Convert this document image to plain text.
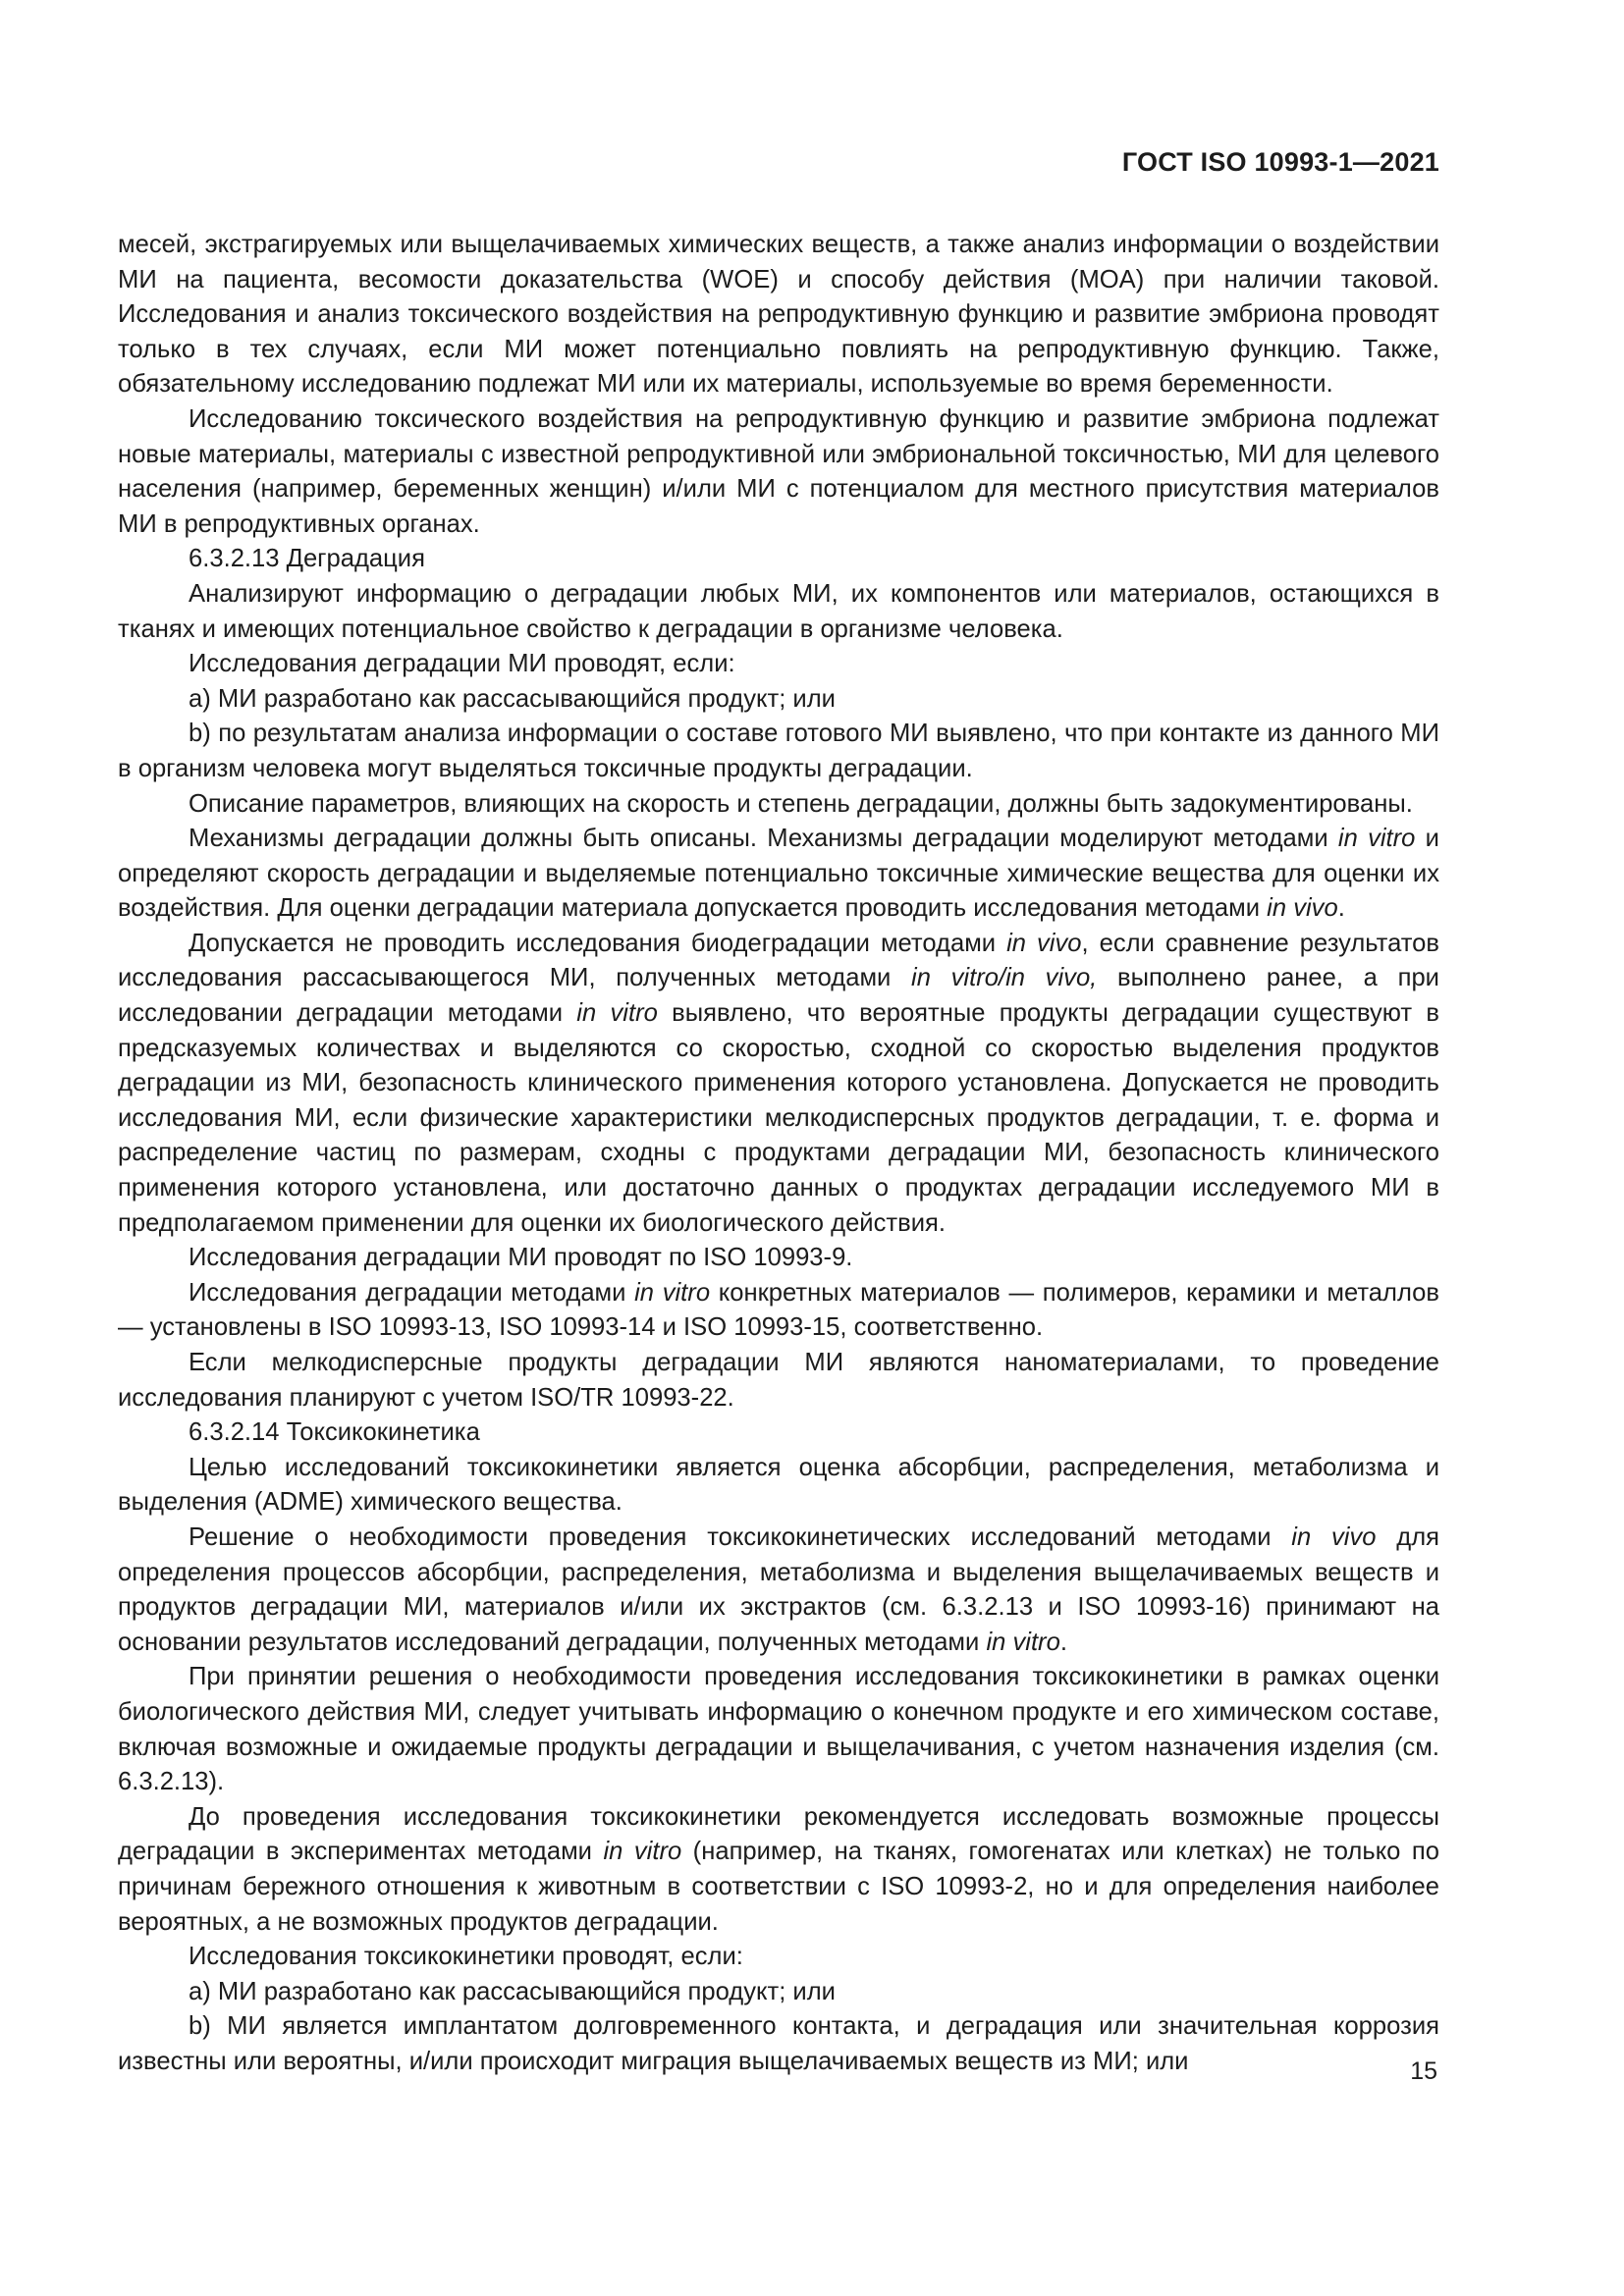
ГОСТ ISO 10993-1—2021

месей, экстрагируемых или выщелачиваемых химических веществ, а также анализ информации о воздействии МИ на пациента, весомости доказательства (WOE) и способу действия (MOA) при наличии таковой. Исследования и анализ токсического воздействия на репродуктивную функцию и развитие эмбриона проводят только в тех случаях, если МИ может потенциально повлиять на репродуктивную функцию. Также, обязательному исследованию подлежат МИ или их материалы, используемые во время беременности.

Исследованию токсического воздействия на репродуктивную функцию и развитие эмбриона подлежат новые материалы, материалы с известной репродуктивной или эмбриональной токсичностью, МИ для целевого населения (например, беременных женщин) и/или МИ с потенциалом для местного присутствия материалов МИ в репродуктивных органах.

6.3.2.13 Деградация

Анализируют информацию о деградации любых МИ, их компонентов или материалов, остающихся в тканях и имеющих потенциальное свойство к деградации в организме человека.

Исследования деградации МИ проводят, если:

a) МИ разработано как рассасывающийся продукт; или

b) по результатам анализа информации о составе готового МИ выявлено, что при контакте из данного МИ в организм человека могут выделяться токсичные продукты деградации.

Описание параметров, влияющих на скорость и степень деградации, должны быть задокументированы.

Механизмы деградации должны быть описаны. Механизмы деградации моделируют методами in vitro и определяют скорость деградации и выделяемые потенциально токсичные химические вещества для оценки их воздействия. Для оценки деградации материала допускается проводить исследования методами in vivo.

Допускается не проводить исследования биодеградации методами in vivo, если сравнение результатов исследования рассасывающегося МИ, полученных методами in vitro/in vivo, выполнено ранее, а при исследовании деградации методами in vitro выявлено, что вероятные продукты деградации существуют в предсказуемых количествах и выделяются со скоростью, сходной со скоростью выделения продуктов деградации из МИ, безопасность клинического применения которого установлена. Допускается не проводить исследования МИ, если физические характеристики мелкодисперсных продуктов деградации, т. е. форма и распределение частиц по размерам, сходны с продуктами деградации МИ, безопасность клинического применения которого установлена, или достаточно данных о продуктах деградации исследуемого МИ в предполагаемом применении для оценки их биологического действия.

Исследования деградации МИ проводят по ISO 10993-9.

Исследования деградации методами in vitro конкретных материалов — полимеров, керамики и металлов — установлены в ISO 10993-13, ISO 10993-14 и ISO 10993-15, соответственно.

Если мелкодисперсные продукты деградации МИ являются наноматериалами, то проведение исследования планируют с учетом ISO/TR 10993-22.

6.3.2.14 Токсикокинетика

Целью исследований токсикокинетики является оценка абсорбции, распределения, метаболизма и выделения (ADME) химического вещества.

Решение о необходимости проведения токсикокинетических исследований методами in vivo для определения процессов абсорбции, распределения, метаболизма и выделения выщелачиваемых веществ и продуктов деградации МИ, материалов и/или их экстрактов (см. 6.3.2.13 и ISO 10993-16) принимают на основании результатов исследований деградации, полученных методами in vitro.

При принятии решения о необходимости проведения исследования токсикокинетики в рамках оценки биологического действия МИ, следует учитывать информацию о конечном продукте и его химическом составе, включая возможные и ожидаемые продукты деградации и выщелачивания, с учетом назначения изделия (см. 6.3.2.13).

До проведения исследования токсикокинетики рекомендуется исследовать возможные процессы деградации в экспериментах методами in vitro (например, на тканях, гомогенатах или клетках) не только по причинам бережного отношения к животным в соответствии с ISO 10993-2, но и для определения наиболее вероятных, а не возможных продуктов деградации.

Исследования токсикокинетики проводят, если:

a) МИ разработано как рассасывающийся продукт; или

b) МИ является имплантатом долговременного контакта, и деградация или значительная коррозия известны или вероятны, и/или происходит миграция выщелачиваемых веществ из МИ; или	15
